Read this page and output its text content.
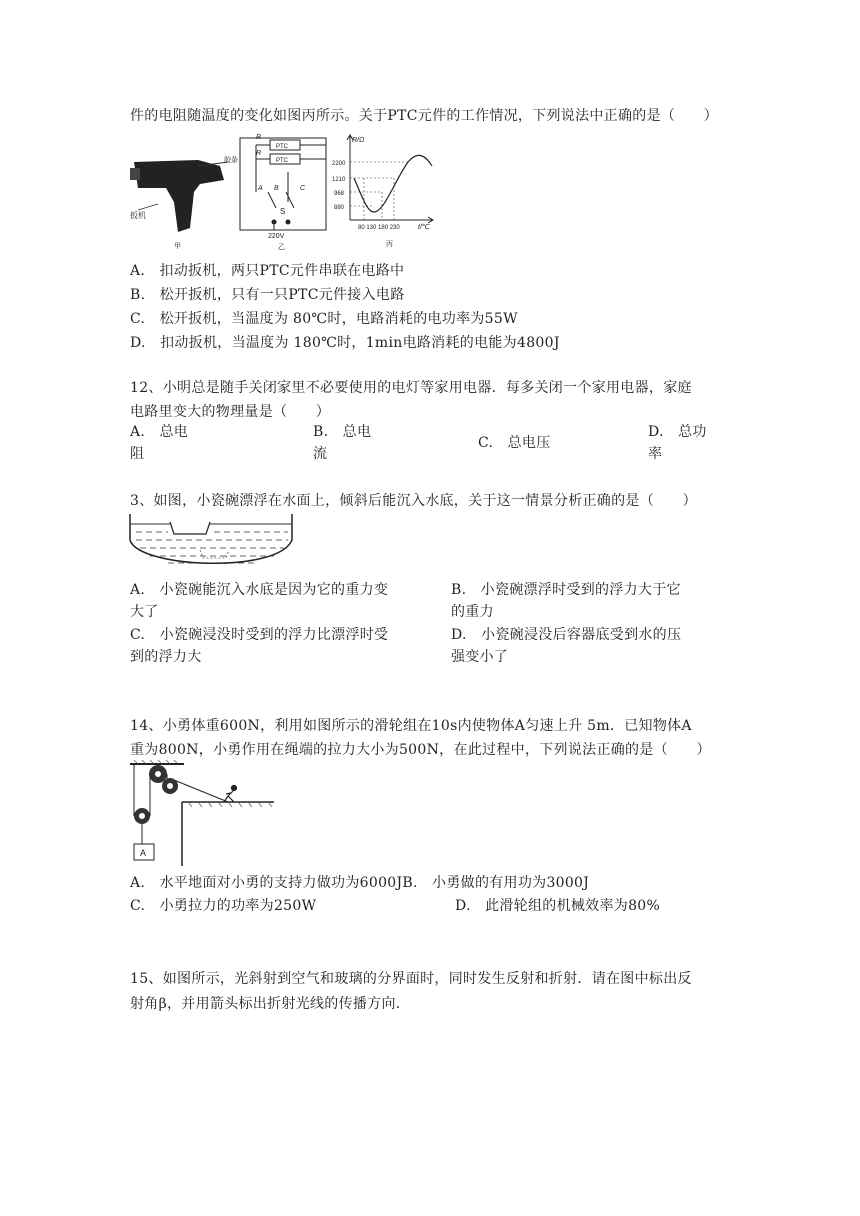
件的电阻随温度的变化如图丙所示。关于PTC元件的工作情况，下列说法中正确的是（　　）
扳机
甲
胶条
R
R
PTC
PTC
A B	C
S
220V
乙
R/Ω
2200
1210
968
880
80 130 180 230	t/℃
丙
A.　扣动扳机，两只PTC元件串联在电路中
B.　松开扳机，只有一只PTC元件接入电路
C.　松开扳机，当温度为 80℃时，电路消耗的电功率为55W
D.　扣动扳机，当温度为 180℃时，1min电路消耗的电能为4800J
12、小明总是随手关闭家里不必要使用的电灯等家用电器．每多关闭一个家用电器，家庭
电路里变大的物理量是（　　）
A.　总电
阻
B.　总电
流
C.　总电压
D.　总功
率
3、如图，小瓷碗漂浮在水面上，倾斜后能沉入水底，关于这一情景分析正确的是（　　）
A.　小瓷碗能沉入水底是因为它的重力变
大了
B.　小瓷碗漂浮时受到的浮力大于它
的重力
C.　小瓷碗浸没时受到的浮力比漂浮时受
到的浮力大
D.　小瓷碗浸没后容器底受到水的压
强变小了
14、小勇体重600N，利用如图所示的滑轮组在10s内使物体A匀速上升 5m．已知物体A
重为800N，小勇作用在绳端的拉力大小为500N，在此过程中，下列说法正确的是（　　）
A
A.　水平地面对小勇的支持力做功为6000JB.　小勇做的有用功为3000J
C.　小勇拉力的功率为250W	D.　此滑轮组的机械效率为80%
15、如图所示，光斜射到空气和玻璃的分界面时，同时发生反射和折射．请在图中标出反
射角β，并用箭头标出折射光线的传播方向．
